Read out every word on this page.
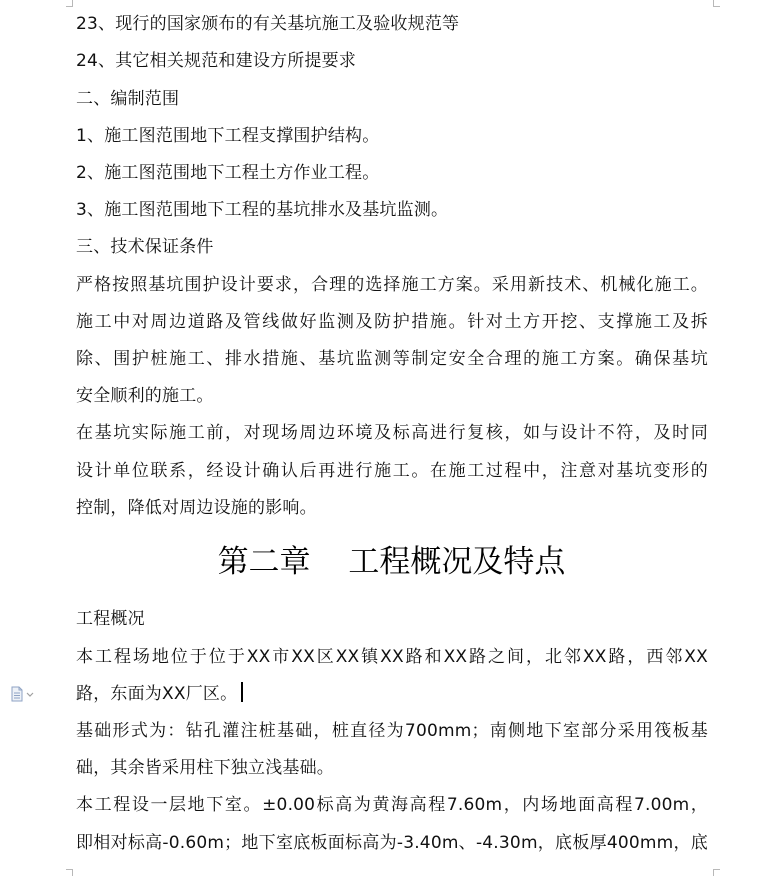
23、现行的国家颁布的有关基坑施工及验收规范等
24、其它相关规范和建设方所提要求
二、编制范围
1、施工图范围地下工程支撑围护结构。
2、施工图范围地下工程土方作业工程。
3、施工图范围地下工程的基坑排水及基坑监测。
三、技术保证条件
严格按照基坑围护设计要求，合理的选择施工方案。采用新技术、机械化施工。
施工中对周边道路及管线做好监测及防护措施。针对土方开挖、支撑施工及拆
除、围护桩施工、排水措施、基坑监测等制定安全合理的施工方案。确保基坑
安全顺利的施工。
在基坑实际施工前，对现场周边环境及标高进行复核，如与设计不符，及时同
设计单位联系，经设计确认后再进行施工。在施工过程中，注意对基坑变形的
控制，降低对周边设施的影响。
第二章 工程概况及特点
工程概况
本工程场地位于位于XX市XX区XX镇XX路和XX路之间，北邻XX路，西邻XX
路，东面为XX厂区。
基础形式为：钻孔灌注桩基础，桩直径为700mm；南侧地下室部分采用筏板基
础，其余皆采用柱下独立浅基础。
本工程设一层地下室。±0.00标高为黄海高程7.60m，内场地面高程7.00m，
即相对标高-0.60m；地下室底板面标高为-3.40m、-4.30m，底板厚400mm，底
